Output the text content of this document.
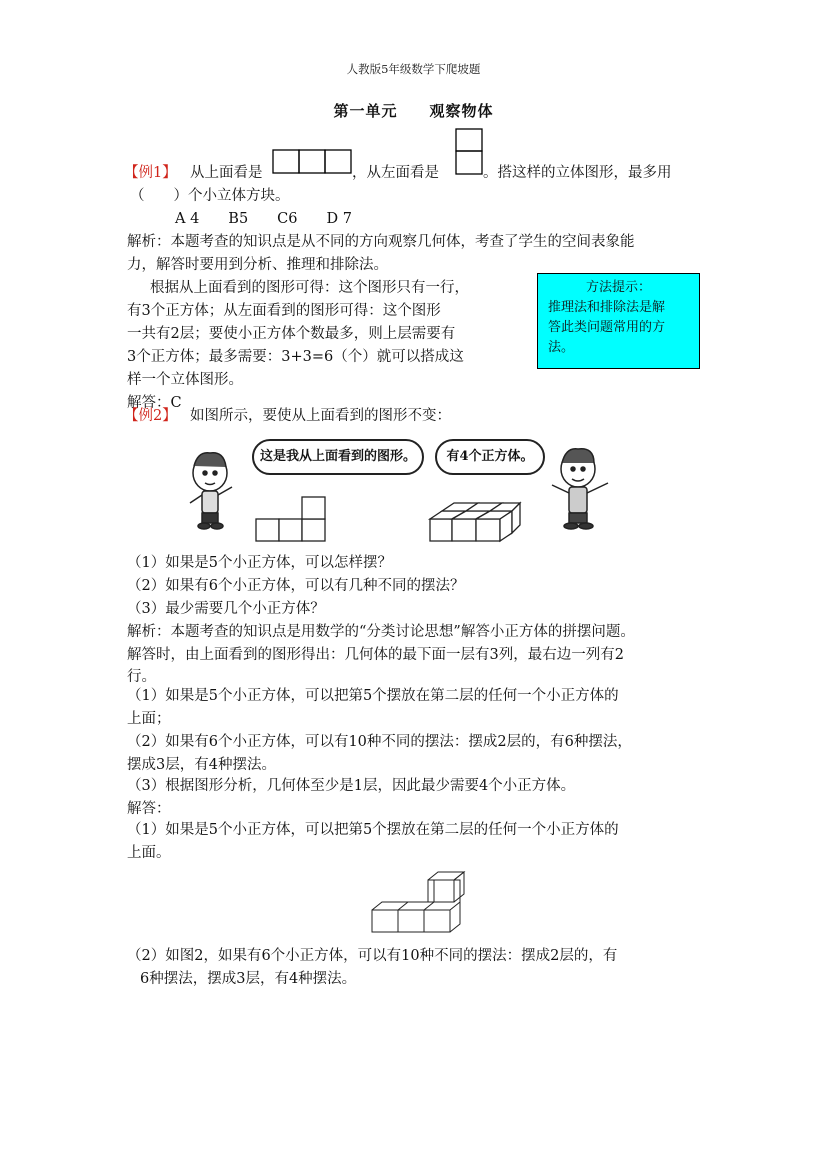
人教版5年级数学下爬坡题
第一单元　　观察物体
【例1】 从上面看是	，从左面看是	。搭这样的立体图形，最多用
（　　）个小立体方块。
A 4　　B5　　C6　　D 7
解析：本题考查的知识点是从不同的方向观察几何体，考查了学生的空间表象能
力，解答时要用到分析、推理和排除法。
根据从上面看到的图形可得：这个图形只有一行，
有3个正方体；从左面看到的图形可得：这个图形
一共有2层；要使小正方体个数最多，则上层需要有
3个正方体；最多需要：3+3=6（个）就可以搭成这
样一个立体图形。
解答：C
方法提示：
推理法和排除法是解
答此类问题常用的方
法。
【例2】 如图所示，要使从上面看到的图形不变：
这是我从上面看到的图形。	有4个正方体。
（1）如果是5个小正方体，可以怎样摆？
（2）如果有6个小正方体，可以有几种不同的摆法？
（3）最少需要几个小正方体？
解析：本题考查的知识点是用数学的“分类讨论思想”解答小正方体的拼摆问题。
解答时，由上面看到的图形得出：几何体的最下面一层有3列，最右边一列有2
行。
（1）如果是5个小正方体，可以把第5个摆放在第二层的任何一个小正方体的
上面；
（2）如果有6个小正方体，可以有10种不同的摆法：摆成2层的，有6种摆法，
摆成3层，有4种摆法。
（3）根据图形分析，几何体至少是1层，因此最少需要4个小正方体。
解答：
（1）如果是5个小正方体，可以把第5个摆放在第二层的任何一个小正方体的
上面。
（2）如图2，如果有6个小正方体，可以有10种不同的摆法：摆成2层的，有
6种摆法，摆成3层，有4种摆法。
